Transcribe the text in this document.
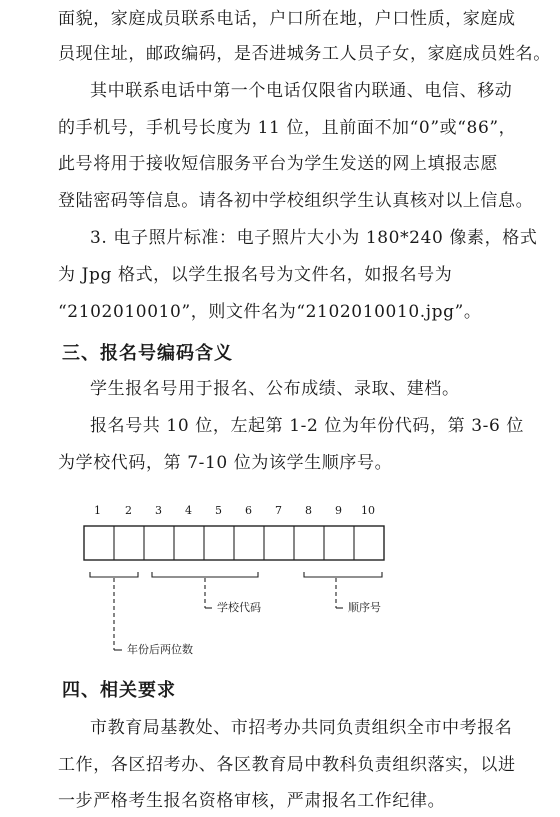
面貌，家庭成员联系电话，户口所在地，户口性质，家庭成
员现住址，邮政编码，是否进城务工人员子女，家庭成员姓名。
其中联系电话中第一个电话仅限省内联通、电信、移动
的手机号，手机号长度为 11 位，且前面不加“0”或“86”，
此号将用于接收短信服务平台为学生发送的网上填报志愿
登陆密码等信息。请各初中学校组织学生认真核对以上信息。
3. 电子照片标准：电子照片大小为 180*240 像素，格式
为 Jpg 格式，以学生报名号为文件名，如报名号为
“2102010010”，则文件名为“2102010010.jpg”。
三、报名号编码含义
学生报名号用于报名、公布成绩、录取、建档。
报名号共 10 位，左起第 1-2 位为年份代码，第 3-6 位
为学校代码，第 7-10 位为该学生顺序号。
1 2 3 4 5 6 7 8 9 10
学校代码	顺序号
年份后两位数
四、相关要求
市教育局基教处、市招考办共同负责组织全市中考报名
工作，各区招考办、各区教育局中教科负责组织落实，以进
一步严格考生报名资格审核，严肃报名工作纪律。
